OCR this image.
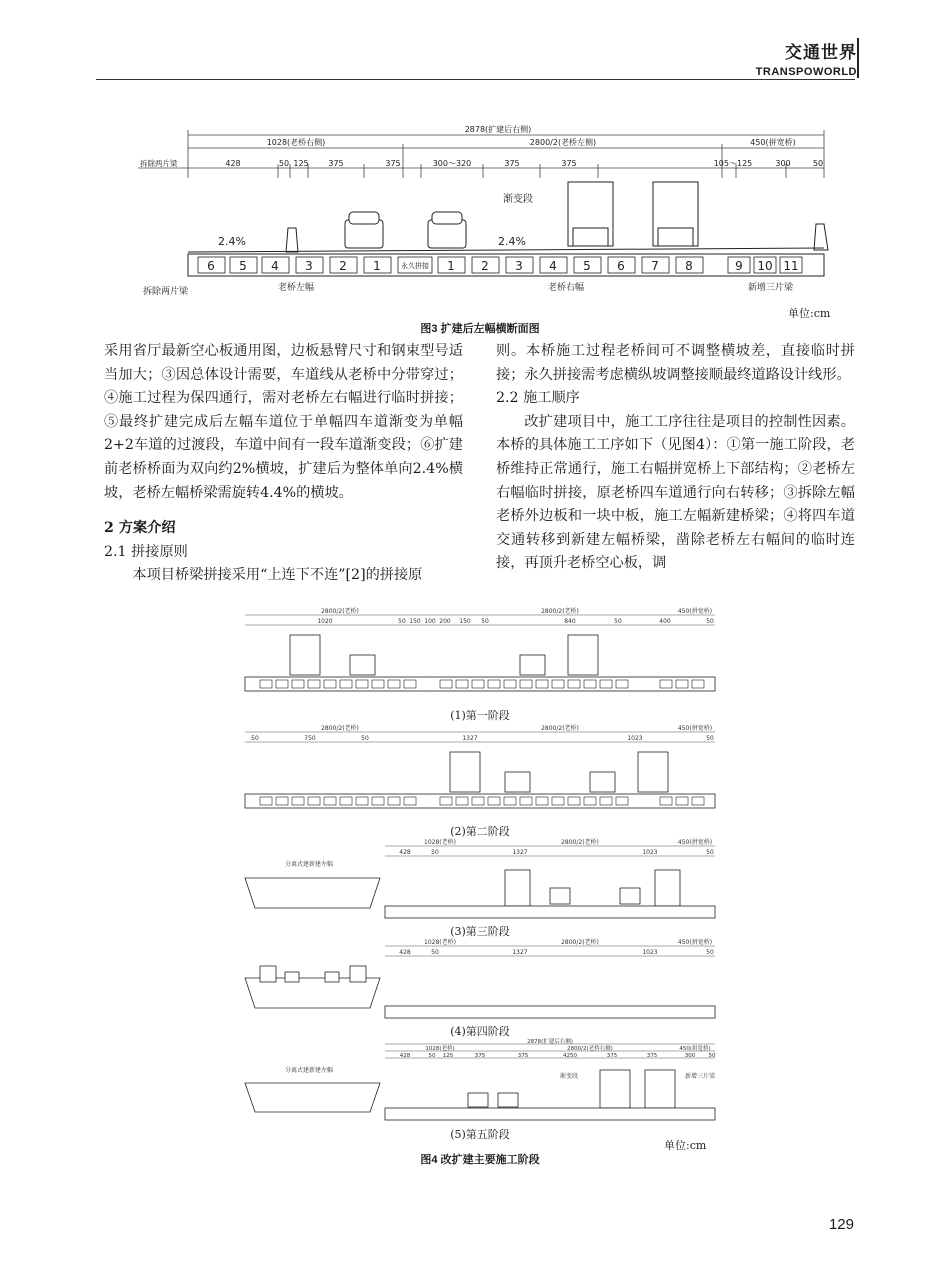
交通世界
TRANSPOWORLD
2878(扩建后右侧)
1028(老桥右侧)	2800/2(老桥左侧)	450(拼宽桥)
拆除两片梁	428	50 125 375	375	300～320	375	375	105～125	300	50
渐变段
2.4%	2.4%
永久拼接
6 5 4 3 2 1	1 2 3 4 5 6 7 8	9 10 11
拆除两片梁	老桥左幅	老桥右幅	新增三片梁
单位:cm
图3 扩建后左幅横断面图

采用省厅最新空心板通用图，边板悬臂尺寸和钢束型号适当加大；③因总体设计需要，车道线从老桥中分带穿过；④施工过程为保四通行，需对老桥左右幅进行临时拼接；⑤最终扩建完成后左幅车道位于单幅四车道渐变为单幅2+2车道的过渡段，车道中间有一段车道渐变段；⑥扩建前老桥桥面为双向约2%横坡，扩建后为整体单向2.4%横坡，老桥左幅桥梁需旋转4.4%的横坡。

2 方案介绍

2.1 拼接原则

本项目桥梁拼接采用“上连下不连”[2]的拼接原

则。本桥施工过程老桥间可不调整横坡差，直接临时拼接；永久拼接需考虑横纵坡调整接顺最终道路设计线形。

2.2 施工顺序

改扩建项目中，施工工序往往是项目的控制性因素。本桥的具体施工工序如下（见图4）：①第一施工阶段，老桥维持正常通行，施工右幅拼宽桥上下部结构；②老桥左右幅临时拼接，原老桥四车道通行向右转移；③拆除左幅老桥外边板和一块中板，施工左幅新建桥梁；④将四车道交通转移到新建左幅桥梁，凿除老桥左右幅间的临时连接，再顶升老桥空心板，调

2800/2(老桥)	2800/2(老桥)	450(拼宽桥)
1020	50 150 100 200 150 50	840	50	400	50
(1)第一阶段
2800/2(老桥)	2800/2(老桥)	450(拼宽桥)
50	750	50	1327	1023	50
(2)第二阶段
1028(老桥)	2800/2(老桥)	450(拼宽桥)
428	50	1327	1023	50
分离式建新建左幅
(3)第三阶段
1028(老桥)	2800/2(老桥)	450(拼宽桥)
428	50	1327	1023	50
(4)第四阶段
2878(扩建后右侧)
1028(老桥)	2800/2(老桥右侧)	450(拼宽桥)
428	50 125	375	375	4250	375	375	300 50
分离式建新建左幅
渐变段	新增三片梁
(5)第五阶段
单位:cm
图4 改扩建主要施工阶段
129
